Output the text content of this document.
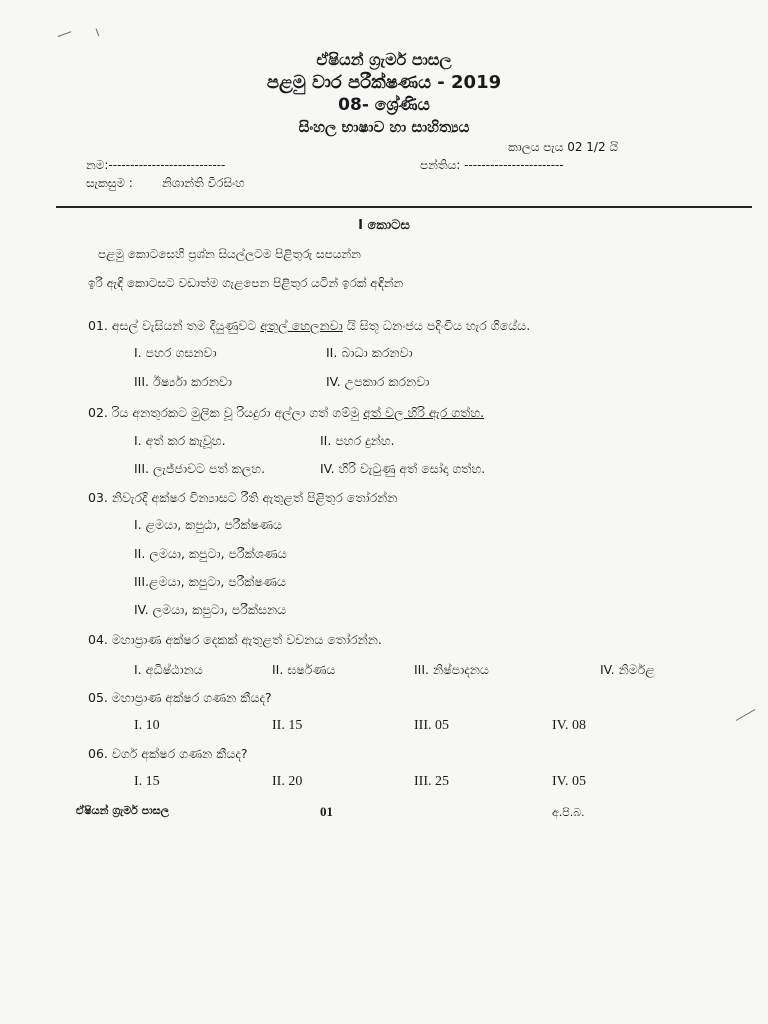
ඒෂියන් ග්‍රැමර් පාසල
පළමු වාර පරීක්ෂණය - 2019
08- ශ්‍රේණිය
සිංහල භාෂාව හා සාහිත්‍යය
කාලය පැය 02 1/2 යි
නම:---------------------------	පන්තිය: -----------------------
සැකසුම : නිශාන්ති වීරසිංහ
I කොටස
පළමු කොටසෙහි ප්‍රශ්න සියල්ලටම පිළිතුරු සපයන්න
ඉරි ඇඳි කොටසට වඩාත්ම ගැළපෙන පිළිතුර යටින් ඉරක් අඳින්න
01. අසල් වැසියන් තම දියුණුවට අතුල් හෙලනවා යි සිතූ ධනංජය පදිංචිය හැර ගියේය.
I. පහර ගසනවා	II. බාධා කරනවා
III. ඊර්ෂ්‍යා කරනවා	IV. උපකාර කරනවා
02. රිය අනතුරකට මුලික වූ රියදුරා අල්ලා ගත් ගම්මු අත් වල හිරි ඇර ගත්හ.
I. අත් කර කැවූහ.	II. පහර දුන්හ.
III. ලැජ්ජාවට පත් කලහ.	IV. හිරි වැටුණු අත් සෝදා ගත්හ.
03. නිවැරදි අක්ෂර වින්‍යාසට රීති ඇතුළත් පිළිතුර තෝරන්න
I. ළමයා, කපුඨා, පරීක්ෂණය
II. ලමයා, කපුටා, පරීක්ශණය
III.ළමයා, කපුටා, පරීක්ෂණය
IV. ලමයා, කපුටා, පරීක්සනය
04. මහාප්‍රාණ අක්ෂර දෙකක් ඇතුළත් වචනය තෝරන්න.
I. අධිෂ්ඨානය	II. ඝර්ෂණය	III. නිෂ්පාදනය	IV. නිර්මළ
05. මහාප්‍රාණ අක්ෂර ගණන කීයද?
I. 10	II. 15	III. 05	IV. 08
06. වර්ග අක්ෂර ගණන කීයද?
I. 15	II. 20	III. 25	IV. 05
ඒෂියන් ග්‍රැමර් පාසල	01	අ.පි.බ.
